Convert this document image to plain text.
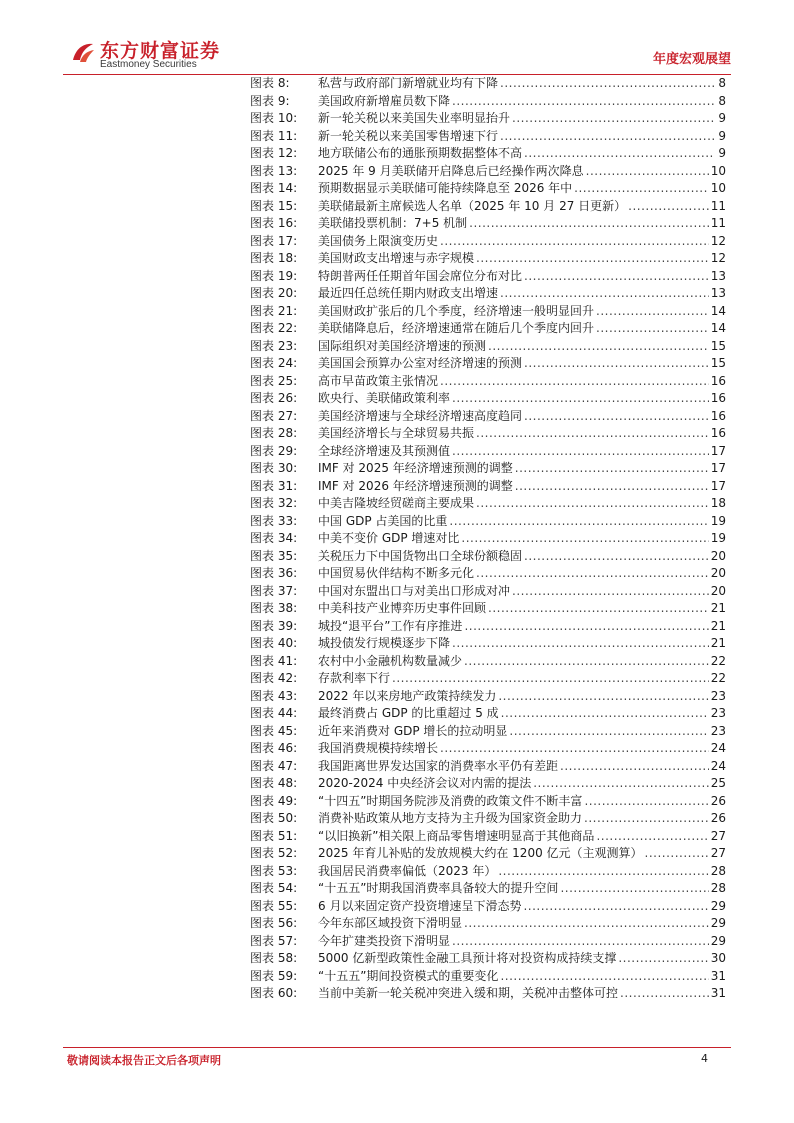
东方财富证券
Eastmoney Securities	年度宏观展望
图表 8:	私营与政府部门新增就业均有下降 .....	8
图表 9:	美国政府新增雇员数下降 .....	8
图表 10:	新一轮关税以来美国失业率明显抬升 .....	9
图表 11:	新一轮关税以来美国零售增速下行 .....	9
图表 12:	地方联储公布的通胀预期数据整体不高 .....	9
图表 13:	2025 年 9 月美联储开启降息后已经操作两次降息 .....	10
图表 14:	预期数据显示美联储可能持续降息至 2026 年中 .....	10
图表 15:	美联储最新主席候选人名单（2025 年 10 月 27 日更新） .....	11
图表 16:	美联储投票机制：7+5 机制 .....	11
图表 17:	美国债务上限演变历史 .....	12
图表 18:	美国财政支出增速与赤字规模 .....	12
图表 19:	特朗普两任任期首年国会席位分布对比 .....	13
图表 20:	最近四任总统任期内财政支出增速 .....	13
图表 21:	美国财政扩张后的几个季度，经济增速一般明显回升 .....	14
图表 22:	美联储降息后，经济增速通常在随后几个季度内回升 .....	14
图表 23:	国际组织对美国经济增速的预测 .....	15
图表 24:	美国国会预算办公室对经济增速的预测 .....	15
图表 25:	高市早苗政策主张情况 .....	16
图表 26:	欧央行、美联储政策利率 .....	16
图表 27:	美国经济增速与全球经济增速高度趋同 .....	16
图表 28:	美国经济增长与全球贸易共振 .....	16
图表 29:	全球经济增速及其预测值 .....	17
图表 30:	IMF 对 2025 年经济增速预测的调整 .....	17
图表 31:	IMF 对 2026 年经济增速预测的调整 .....	17
图表 32:	中美吉隆坡经贸磋商主要成果 .....	18
图表 33:	中国 GDP 占美国的比重 .....	19
图表 34:	中美不变价 GDP 增速对比 .....	19
图表 35:	关税压力下中国货物出口全球份额稳固 .....	20
图表 36:	中国贸易伙伴结构不断多元化 .....	20
图表 37:	中国对东盟出口与对美出口形成对冲 .....	20
图表 38:	中美科技产业博弈历史事件回顾 .....	21
图表 39:	城投“退平台”工作有序推进 .....	21
图表 40:	城投债发行规模逐步下降 .....	21
图表 41:	农村中小金融机构数量减少 .....	22
图表 42:	存款利率下行 .....	22
图表 43:	2022 年以来房地产政策持续发力 .....	23
图表 44:	最终消费占 GDP 的比重超过 5 成 .....	23
图表 45:	近年来消费对 GDP 增长的拉动明显 .....	23
图表 46:	我国消费规模持续增长 .....	24
图表 47:	我国距离世界发达国家的消费率水平仍有差距 .....	24
图表 48:	2020-2024 中央经济会议对内需的提法 .....	25
图表 49:	“十四五”时期国务院涉及消费的政策文件不断丰富 .....	26
图表 50:	消费补贴政策从地方支持为主升级为国家资金助力 .....	26
图表 51:	“以旧换新”相关限上商品零售增速明显高于其他商品 .....	27
图表 52:	2025 年育儿补贴的发放规模大约在 1200 亿元（主观测算） .....	27
图表 53:	我国居民消费率偏低（2023 年） .....	28
图表 54:	“十五五”时期我国消费率具备较大的提升空间 .....	28
图表 55:	6 月以来固定资产投资增速呈下滑态势 .....	29
图表 56:	今年东部区域投资下滑明显 .....	29
图表 57:	今年扩建类投资下滑明显 .....	29
图表 58:	5000 亿新型政策性金融工具预计将对投资构成持续支撑 .....	30
图表 59:	“十五五”期间投资模式的重要变化 .....	31
图表 60:	当前中美新一轮关税冲突进入缓和期，关税冲击整体可控 .....	31
敬请阅读本报告正文后各项声明	4
